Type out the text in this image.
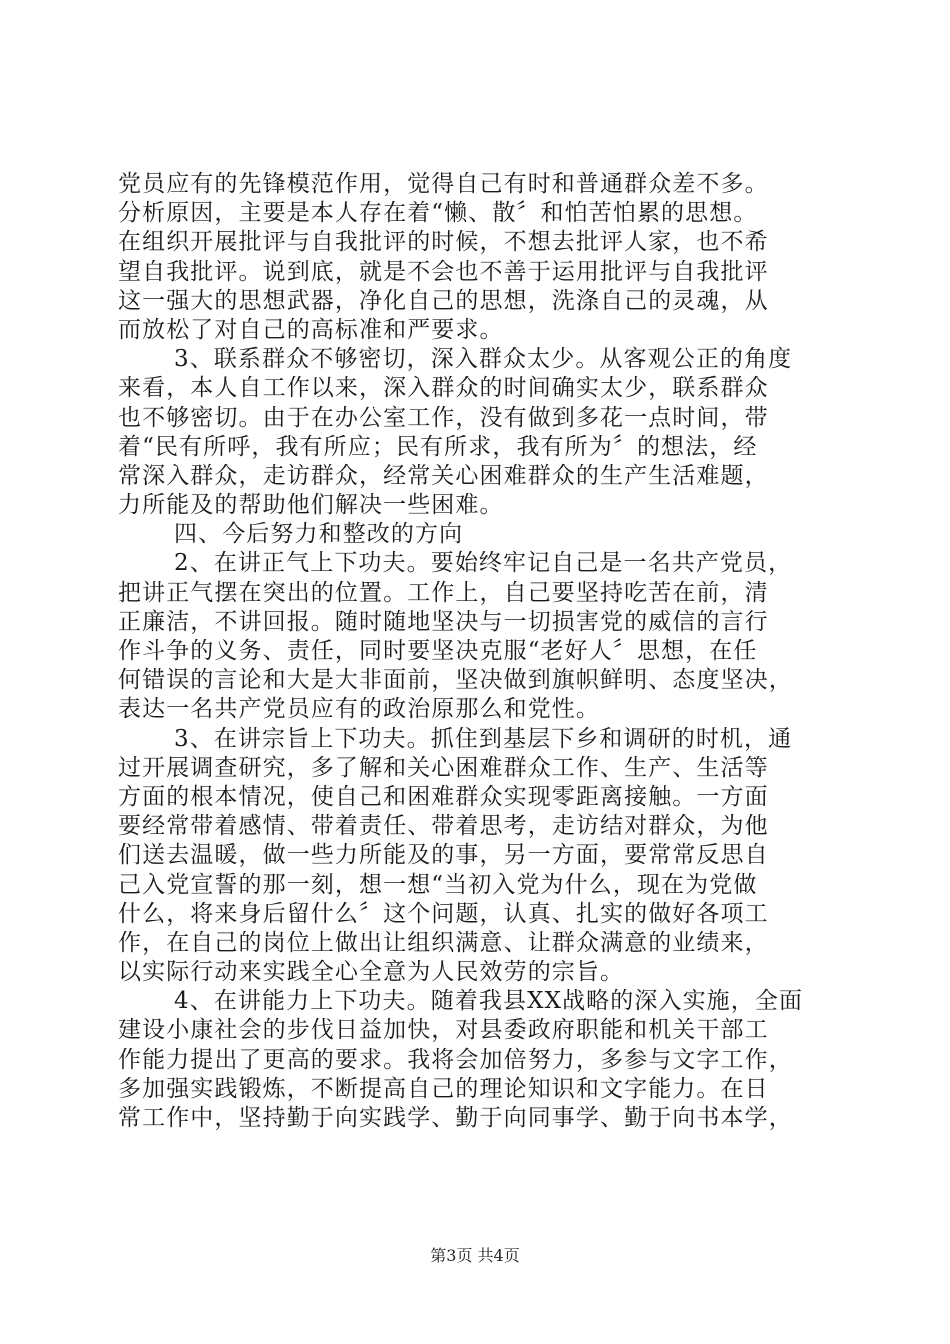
党员应有的先锋模范作用，觉得自己有时和普通群众差不多。
分析原因，主要是本人存在着“懒、散〞和怕苦怕累的思想。
在组织开展批评与自我批评的时候，不想去批评人家，也不希
望自我批评。说到底，就是不会也不善于运用批评与自我批评
这一强大的思想武器，净化自己的思想，洗涤自己的灵魂，从
而放松了对自己的高标准和严要求。
3、联系群众不够密切，深入群众太少。从客观公正的角度
来看，本人自工作以来，深入群众的时间确实太少，联系群众
也不够密切。由于在办公室工作，没有做到多花一点时间，带
着“民有所呼，我有所应；民有所求，我有所为〞的想法，经
常深入群众，走访群众，经常关心困难群众的生产生活难题，
力所能及的帮助他们解决一些困难。
四、今后努力和整改的方向
2、在讲正气上下功夫。要始终牢记自己是一名共产党员，
把讲正气摆在突出的位置。工作上，自己要坚持吃苦在前，清
正廉洁，不讲回报。随时随地坚决与一切损害党的威信的言行
作斗争的义务、责任，同时要坚决克服“老好人〞思想，在任
何错误的言论和大是大非面前，坚决做到旗帜鲜明、态度坚决，
表达一名共产党员应有的政治原那么和党性。
3、在讲宗旨上下功夫。抓住到基层下乡和调研的时机，通
过开展调查研究，多了解和关心困难群众工作、生产、生活等
方面的根本情况，使自己和困难群众实现零距离接触。一方面
要经常带着感情、带着责任、带着思考，走访结对群众，为他
们送去温暖，做一些力所能及的事，另一方面，要常常反思自
己入党宣誓的那一刻，想一想“当初入党为什么，现在为党做
什么，将来身后留什么〞这个问题，认真、扎实的做好各项工
作，在自己的岗位上做出让组织满意、让群众满意的业绩来，
以实际行动来实践全心全意为人民效劳的宗旨。
4、在讲能力上下功夫。随着我县XX战略的深入实施，全面
建设小康社会的步伐日益加快，对县委政府职能和机关干部工
作能力提出了更高的要求。我将会加倍努力，多参与文字工作，
多加强实践锻炼，不断提高自己的理论知识和文字能力。在日
常工作中，坚持勤于向实践学、勤于向同事学、勤于向书本学，
第3页 共4页
